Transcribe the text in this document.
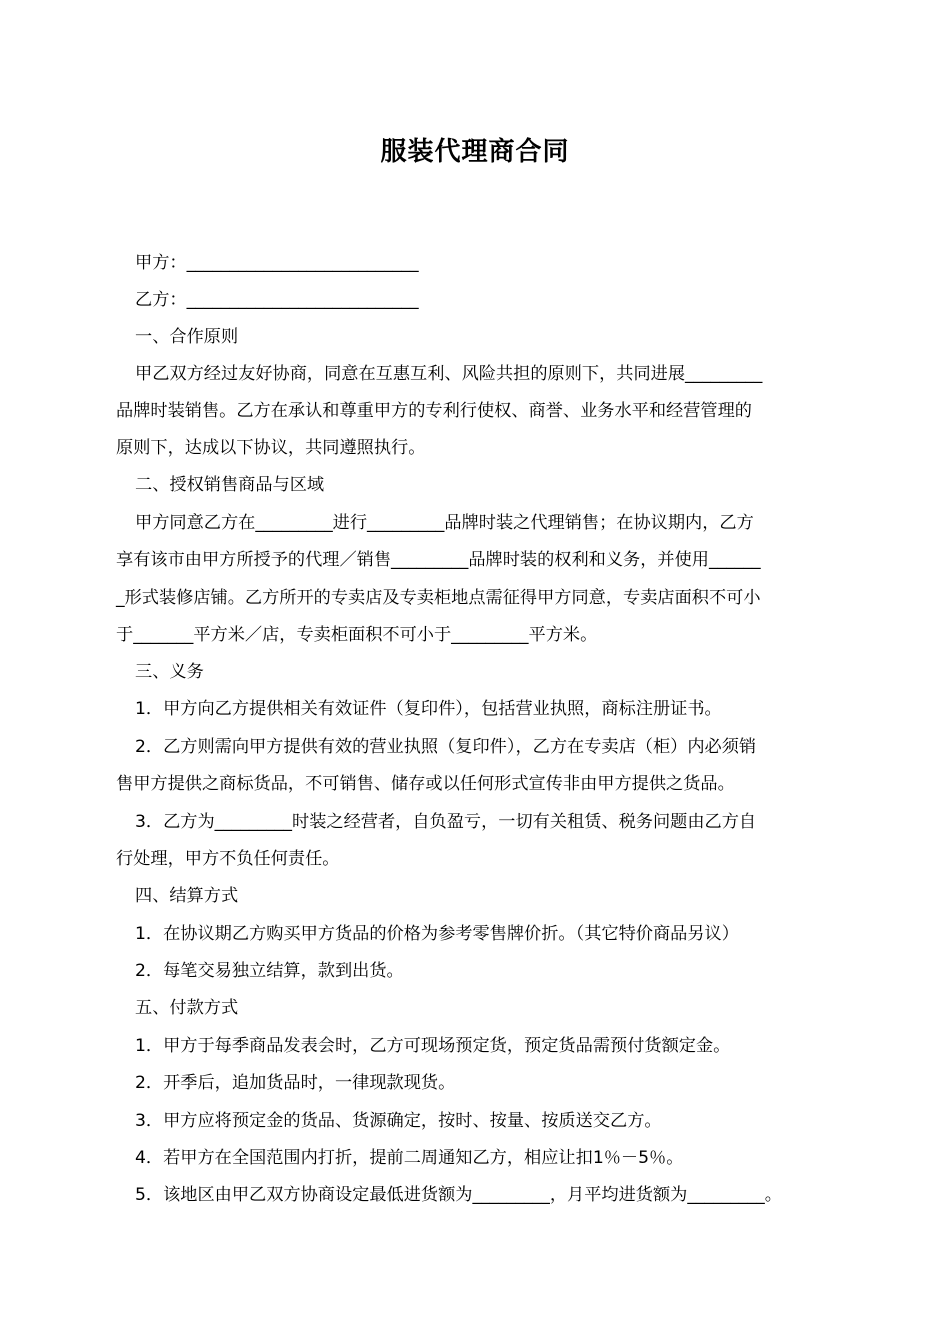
服装代理商合同
甲方：___________________________
乙方：___________________________
一、合作原则
甲乙双方经过友好协商，同意在互惠互利、风险共担的原则下，共同进展_________
品牌时装销售。乙方在承认和尊重甲方的专利行使权、商誉、业务水平和经营管理的
原则下，达成以下协议，共同遵照执行。
二、授权销售商品与区域
甲方同意乙方在_________进行_________品牌时装之代理销售；在协议期内，乙方
享有该市由甲方所授予的代理／销售_________品牌时装的权利和义务，并使用______
_形式装修店铺。乙方所开的专卖店及专卖柜地点需征得甲方同意，专卖店面积不可小
于_______平方米／店，专卖柜面积不可小于_________平方米。
三、义务
1．甲方向乙方提供相关有效证件（复印件），包括营业执照，商标注册证书。
2．乙方则需向甲方提供有效的营业执照（复印件），乙方在专卖店（柜）内必须销
售甲方提供之商标货品，不可销售、储存或以任何形式宣传非由甲方提供之货品。
3．乙方为_________时装之经营者，自负盈亏，一切有关租赁、税务问题由乙方自
行处理，甲方不负任何责任。
四、结算方式
1．在协议期乙方购买甲方货品的价格为参考零售牌价折。（其它特价商品另议）
2．每笔交易独立结算，款到出货。
五、付款方式
1．甲方于每季商品发表会时，乙方可现场预定货，预定货品需预付货额定金。
2．开季后，追加货品时，一律现款现货。
3．甲方应将预定金的货品、货源确定，按时、按量、按质送交乙方。
4．若甲方在全国范围内打折，提前二周通知乙方，相应让扣1％－5％。
5．该地区由甲乙双方协商设定最低进货额为_________，月平均进货额为_________。
